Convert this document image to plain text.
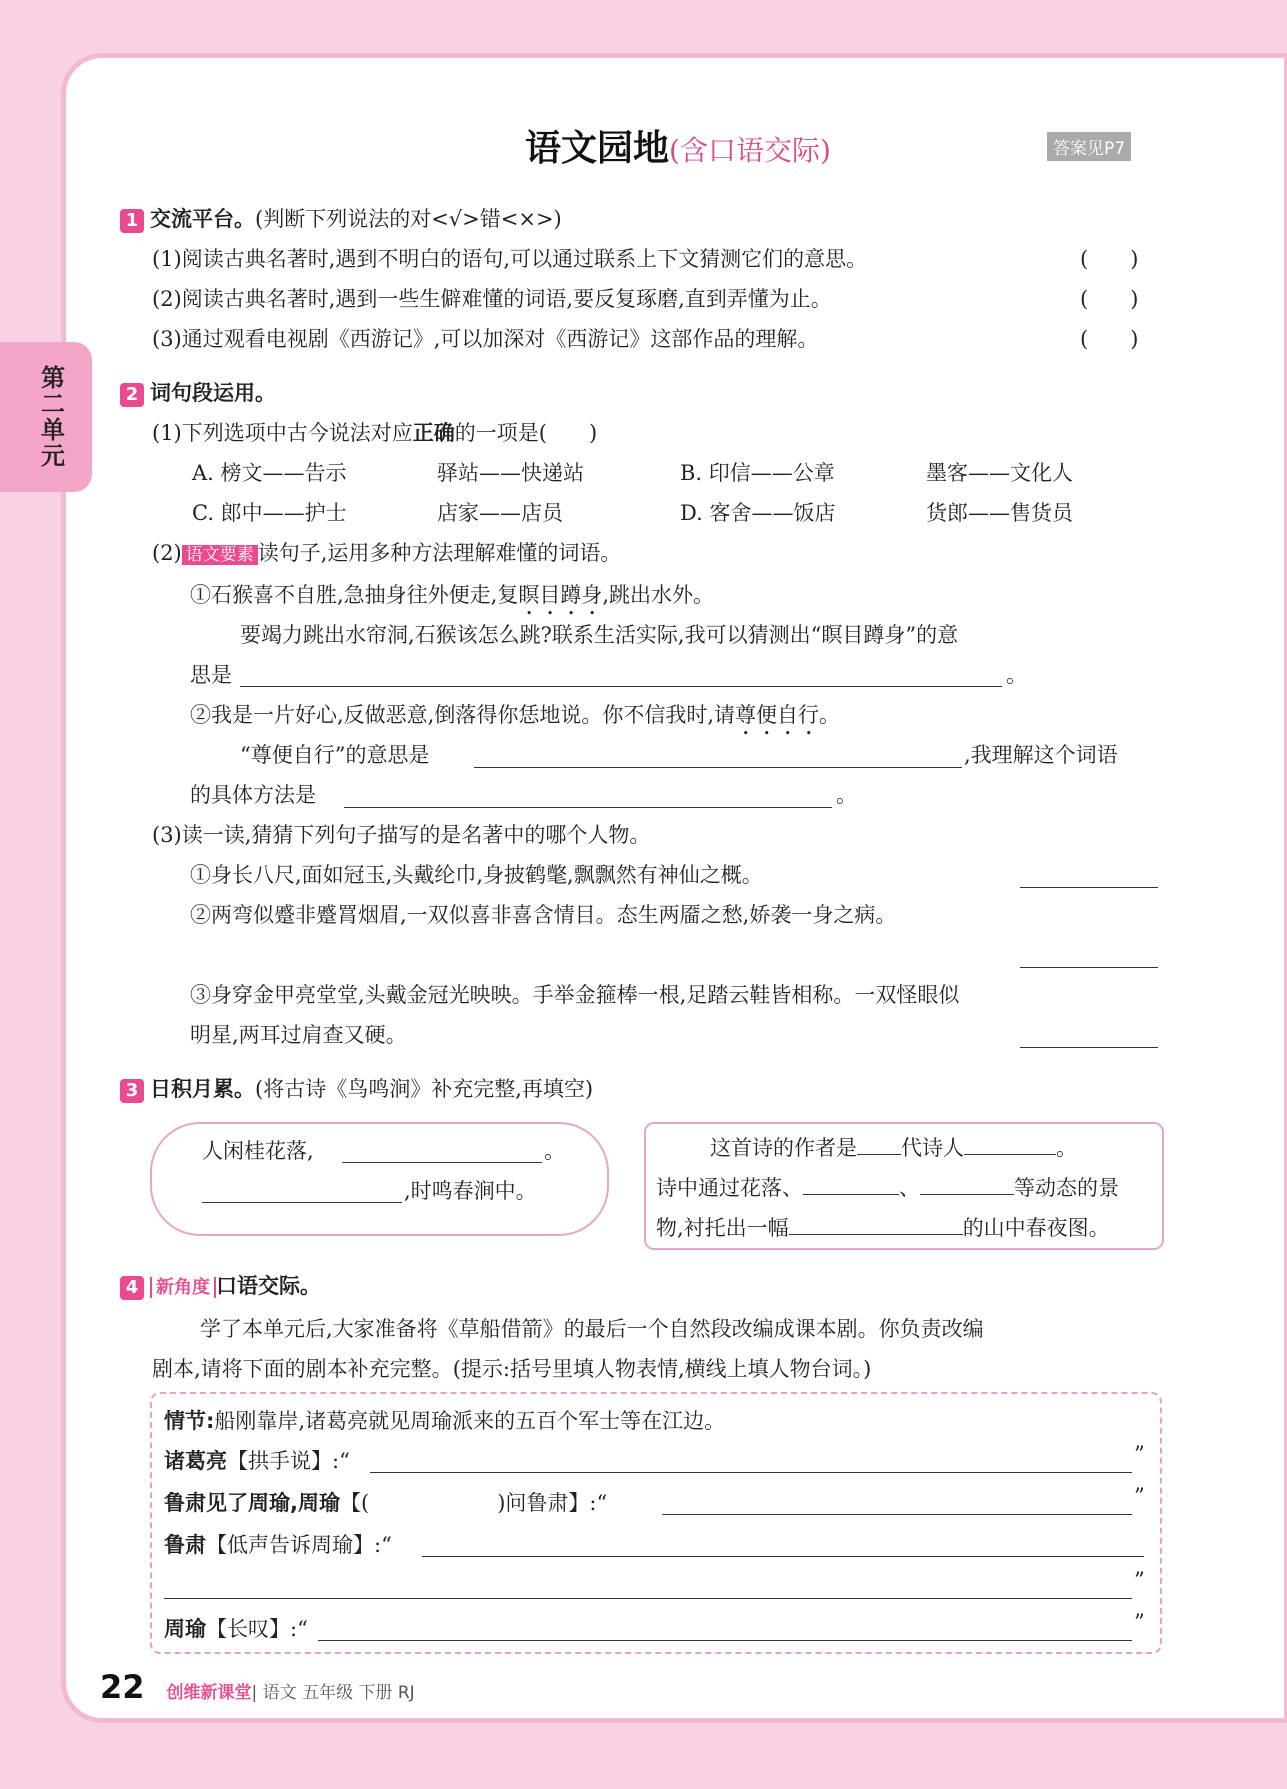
第二单元
语文园地(含口语交际)	答案见P7
1 交流平台。(判断下列说法的对<√>错<×>)
(1)阅读古典名著时,遇到不明白的语句,可以通过联系上下文猜测它们的意思。	(　　)
(2)阅读古典名著时,遇到一些生僻难懂的词语,要反复琢磨,直到弄懂为止。	(　　)
(3)通过观看电视剧《西游记》,可以加深对《西游记》这部作品的理解。	(　　)
2 词句段运用。
(1)下列选项中古今说法对应正确的一项是(　　)
A. 榜文——告示	驿站——快递站	B. 印信——公章	墨客——文化人
C. 郎中——护士	店家——店员	D. 客舍——饭店	货郎——售货员
(2) 语文要素 读句子,运用多种方法理解难懂的词语。
①石猴喜不自胜,急抽身往外便走,复瞑目蹲身,跳出水外。
要竭力跳出水帘洞,石猴该怎么跳?联系生活实际,我可以猜测出“瞑目蹲身”的意
思是	。
②我是一片好心,反做恶意,倒落得你恁地说。你不信我时,请尊便自行。
“尊便自行”的意思是	,我理解这个词语
的具体方法是	。
(3)读一读,猜猜下列句子描写的是名著中的哪个人物。
①身长八尺,面如冠玉,头戴纶巾,身披鹤氅,飘飘然有神仙之概。
②两弯似蹙非蹙罥烟眉,一双似喜非喜含情目。态生两靥之愁,娇袭一身之病。
③身穿金甲亮堂堂,头戴金冠光映映。手举金箍棒一根,足踏云鞋皆相称。一双怪眼似
明星,两耳过肩查又硬。
3 日积月累。(将古诗《鸟鸣涧》补充完整,再填空)
人闲桂花落,	。
,时鸣春涧中。
这首诗的作者是 代诗人	。
诗中通过花落、	、	等动态的景
物,衬托出一幅	的山中春夜图。
4 新角度 口语交际。
学了本单元后,大家准备将《草船借箭》的最后一个自然段改编成课本剧。你负责改编
剧本,请将下面的剧本补充完整。(提示:括号里填人物表情,横线上填人物台词。)
情节:船刚靠岸,诸葛亮就见周瑜派来的五百个军士等在江边。
诸葛亮【拱手说】:“	”
鲁肃见了周瑜,周瑜【(	)问鲁肃】:“	”
鲁肃【低声告诉周瑜】:“
”
周瑜【长叹】:“	”
22 创维新课堂| 语文 五年级 下册 RJ
